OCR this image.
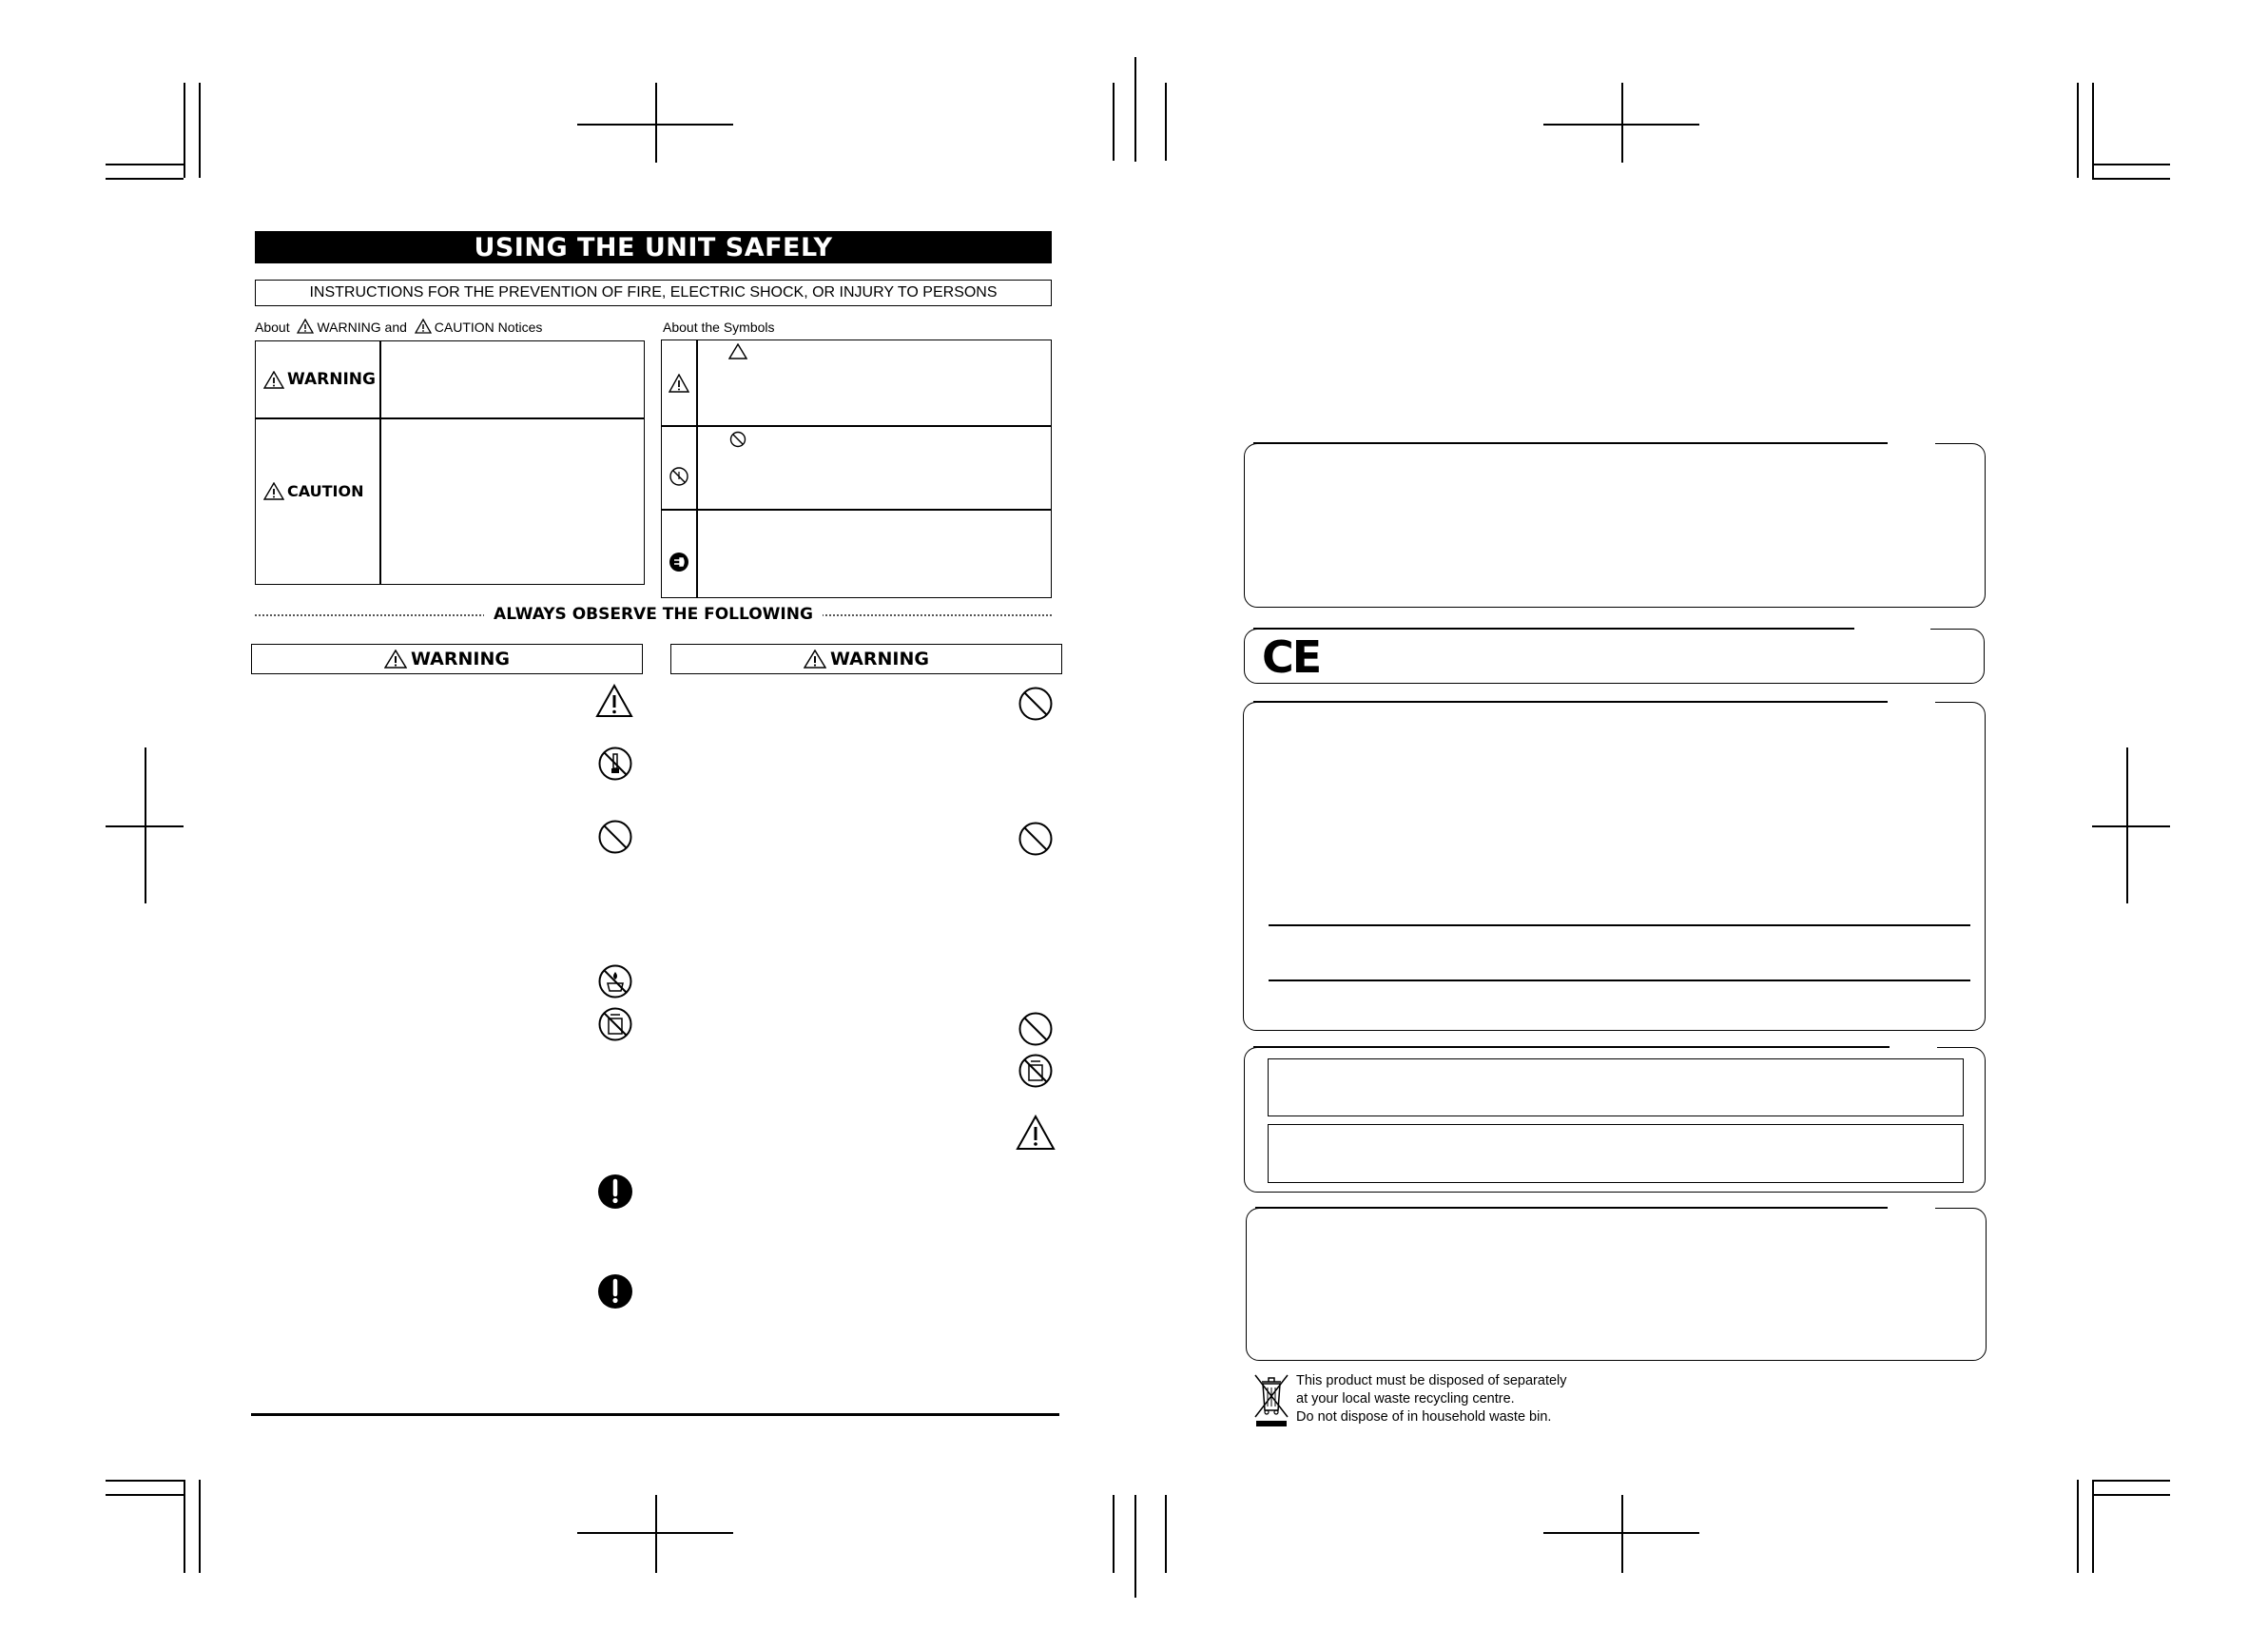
USING THE UNIT SAFELY
INSTRUCTIONS FOR THE PREVENTION OF FIRE, ELECTRIC SHOCK, OR INJURY TO PERSONS
About WARNING and CAUTION Notices	About the Symbols
WARNING
CAUTION
ALWAYS OBSERVE THE FOLLOWING
WARNING	WARNING	CE
This product must be disposed of separately
at your local waste recycling centre.
Do not dispose of in household waste bin.
